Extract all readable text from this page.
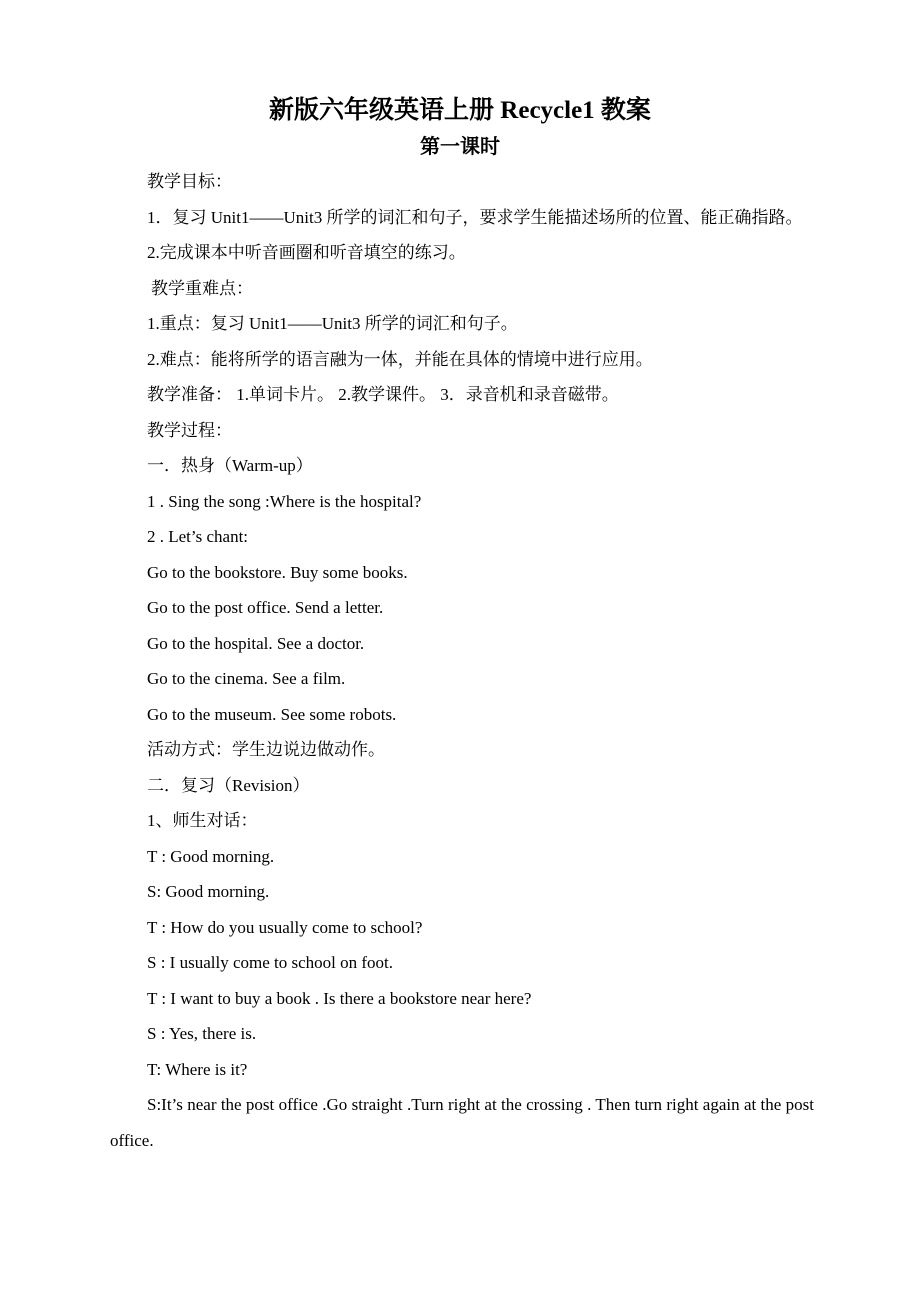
新版六年级英语上册 Recycle1 教案
第一课时

教学目标：

1．复习 Unit1——Unit3 所学的词汇和句子，要求学生能描述场所的位置、能正确指路。

2.完成课本中听音画圈和听音填空的练习。

教学重难点：

1.重点：复习 Unit1——Unit3 所学的词汇和句子。

2.难点：能将所学的语言融为一体，并能在具体的情境中进行应用。

教学准备： 1.单词卡片。 2.教学课件。 3．录音机和录音磁带。

教学过程：

一．热身（Warm-up）

1 . Sing the song :Where is the hospital?

2 . Let’s chant:

Go to the bookstore. Buy some books.

Go to the post office. Send a letter.

Go to the hospital. See a doctor.

Go to the cinema. See a film.

Go to the museum. See some robots.

活动方式：学生边说边做动作。

二．复习（Revision）

1、师生对话：

T : Good morning.

S: Good morning.

T : How do you usually come to school?

S : I usually come to school on foot.

T : I want to buy a book . Is there a bookstore near here?

S : Yes, there is.

T: Where is it?

S:It’s near the post office .Go straight .Turn right at the crossing . Then turn right again at the post office.
